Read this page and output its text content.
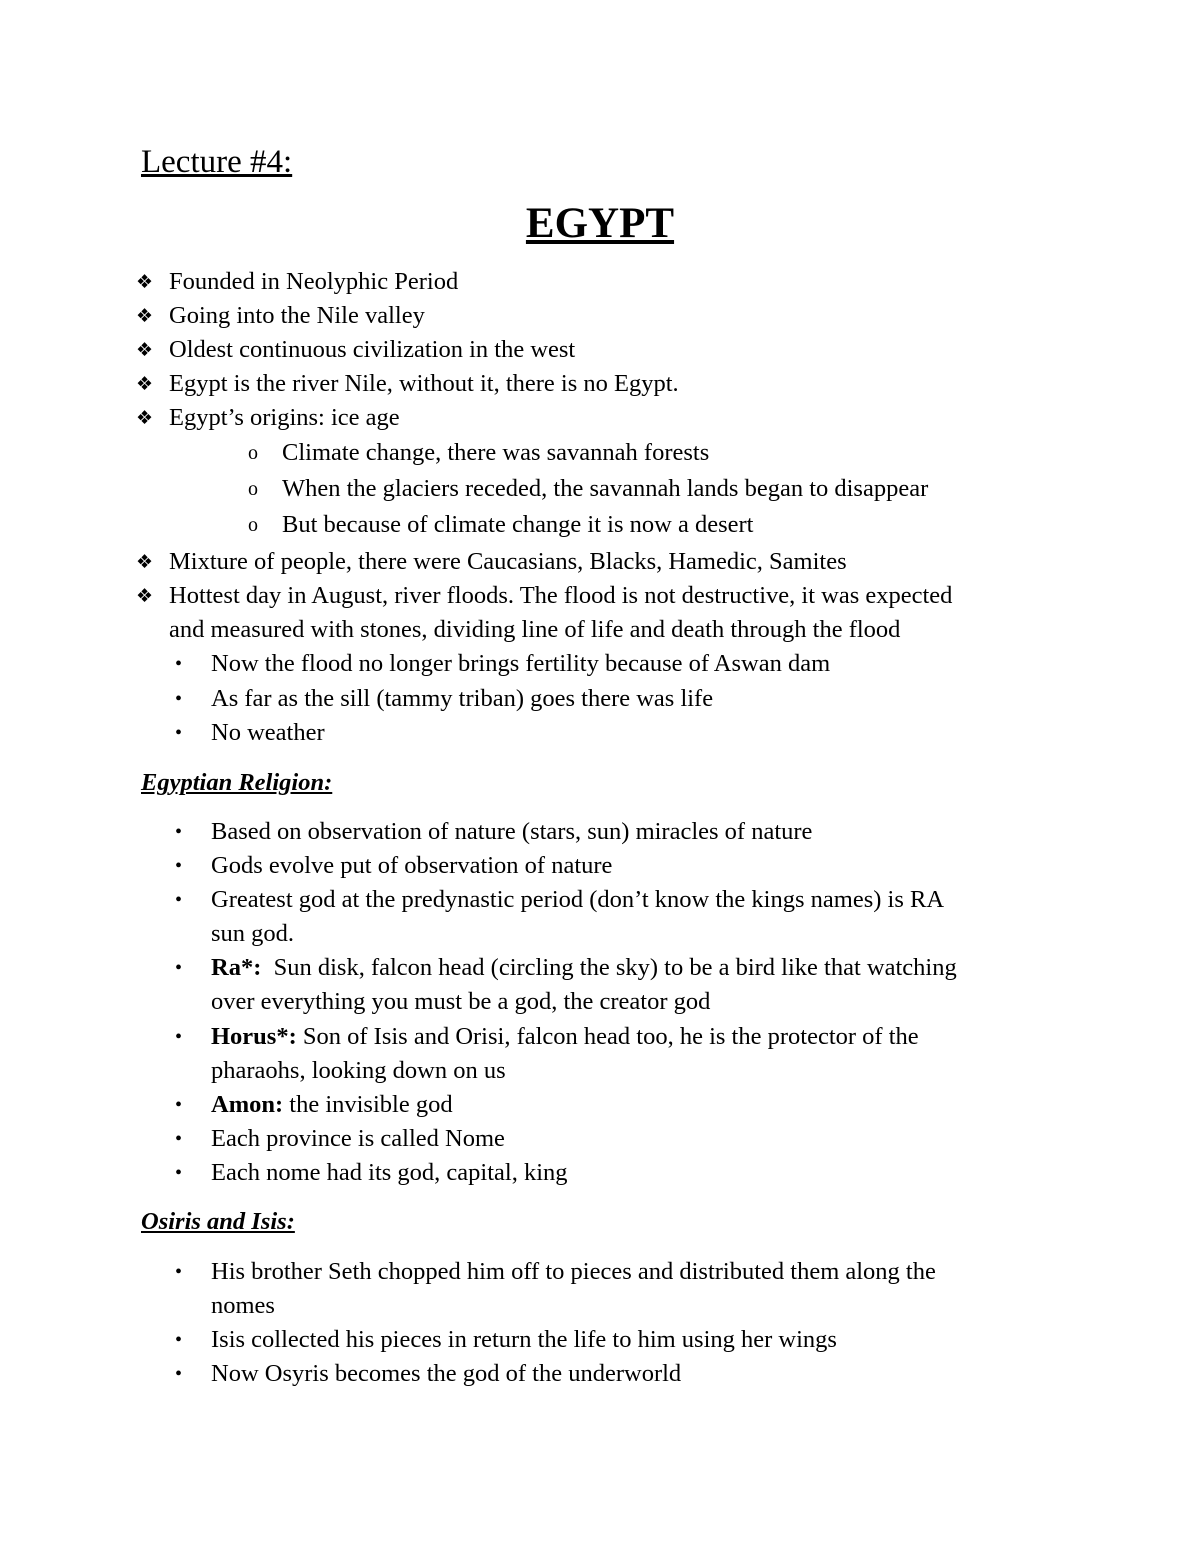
Lecture #4:
EGYPT
❖ Founded in Neolyphic Period
❖ Going into the Nile valley
❖ Oldest continuous civilization in the west
❖ Egypt is the river Nile, without it, there is no Egypt.
❖ Egypt’s origins: ice age
o Climate change, there was savannah forests
o When the glaciers receded, the savannah lands began to disappear
o But because of climate change it is now a desert
❖ Mixture of people, there were Caucasians, Blacks, Hamedic, Samites
❖ Hottest day in August, river floods. The flood is not destructive, it was expected
and measured with stones, dividing line of life and death through the flood
• Now the flood no longer brings fertility because of Aswan dam
• As far as the sill (tammy triban) goes there was life
• No weather
Egyptian Religion:
• Based on observation of nature (stars, sun) miracles of nature
• Gods evolve put of observation of nature
• Greatest god at the predynastic period (don’t know the kings names) is RA
sun god.
• Ra*:  Sun disk, falcon head (circling the sky) to be a bird like that watching
over everything you must be a god, the creator god
• Horus*: Son of Isis and Orisi, falcon head too, he is the protector of the
pharaohs, looking down on us
• Amon: the invisible god
• Each province is called Nome
• Each nome had its god, capital, king
Osiris and Isis:
• His brother Seth chopped him off to pieces and distributed them along the
nomes
• Isis collected his pieces in return the life to him using her wings
• Now Osyris becomes the god of the underworld
